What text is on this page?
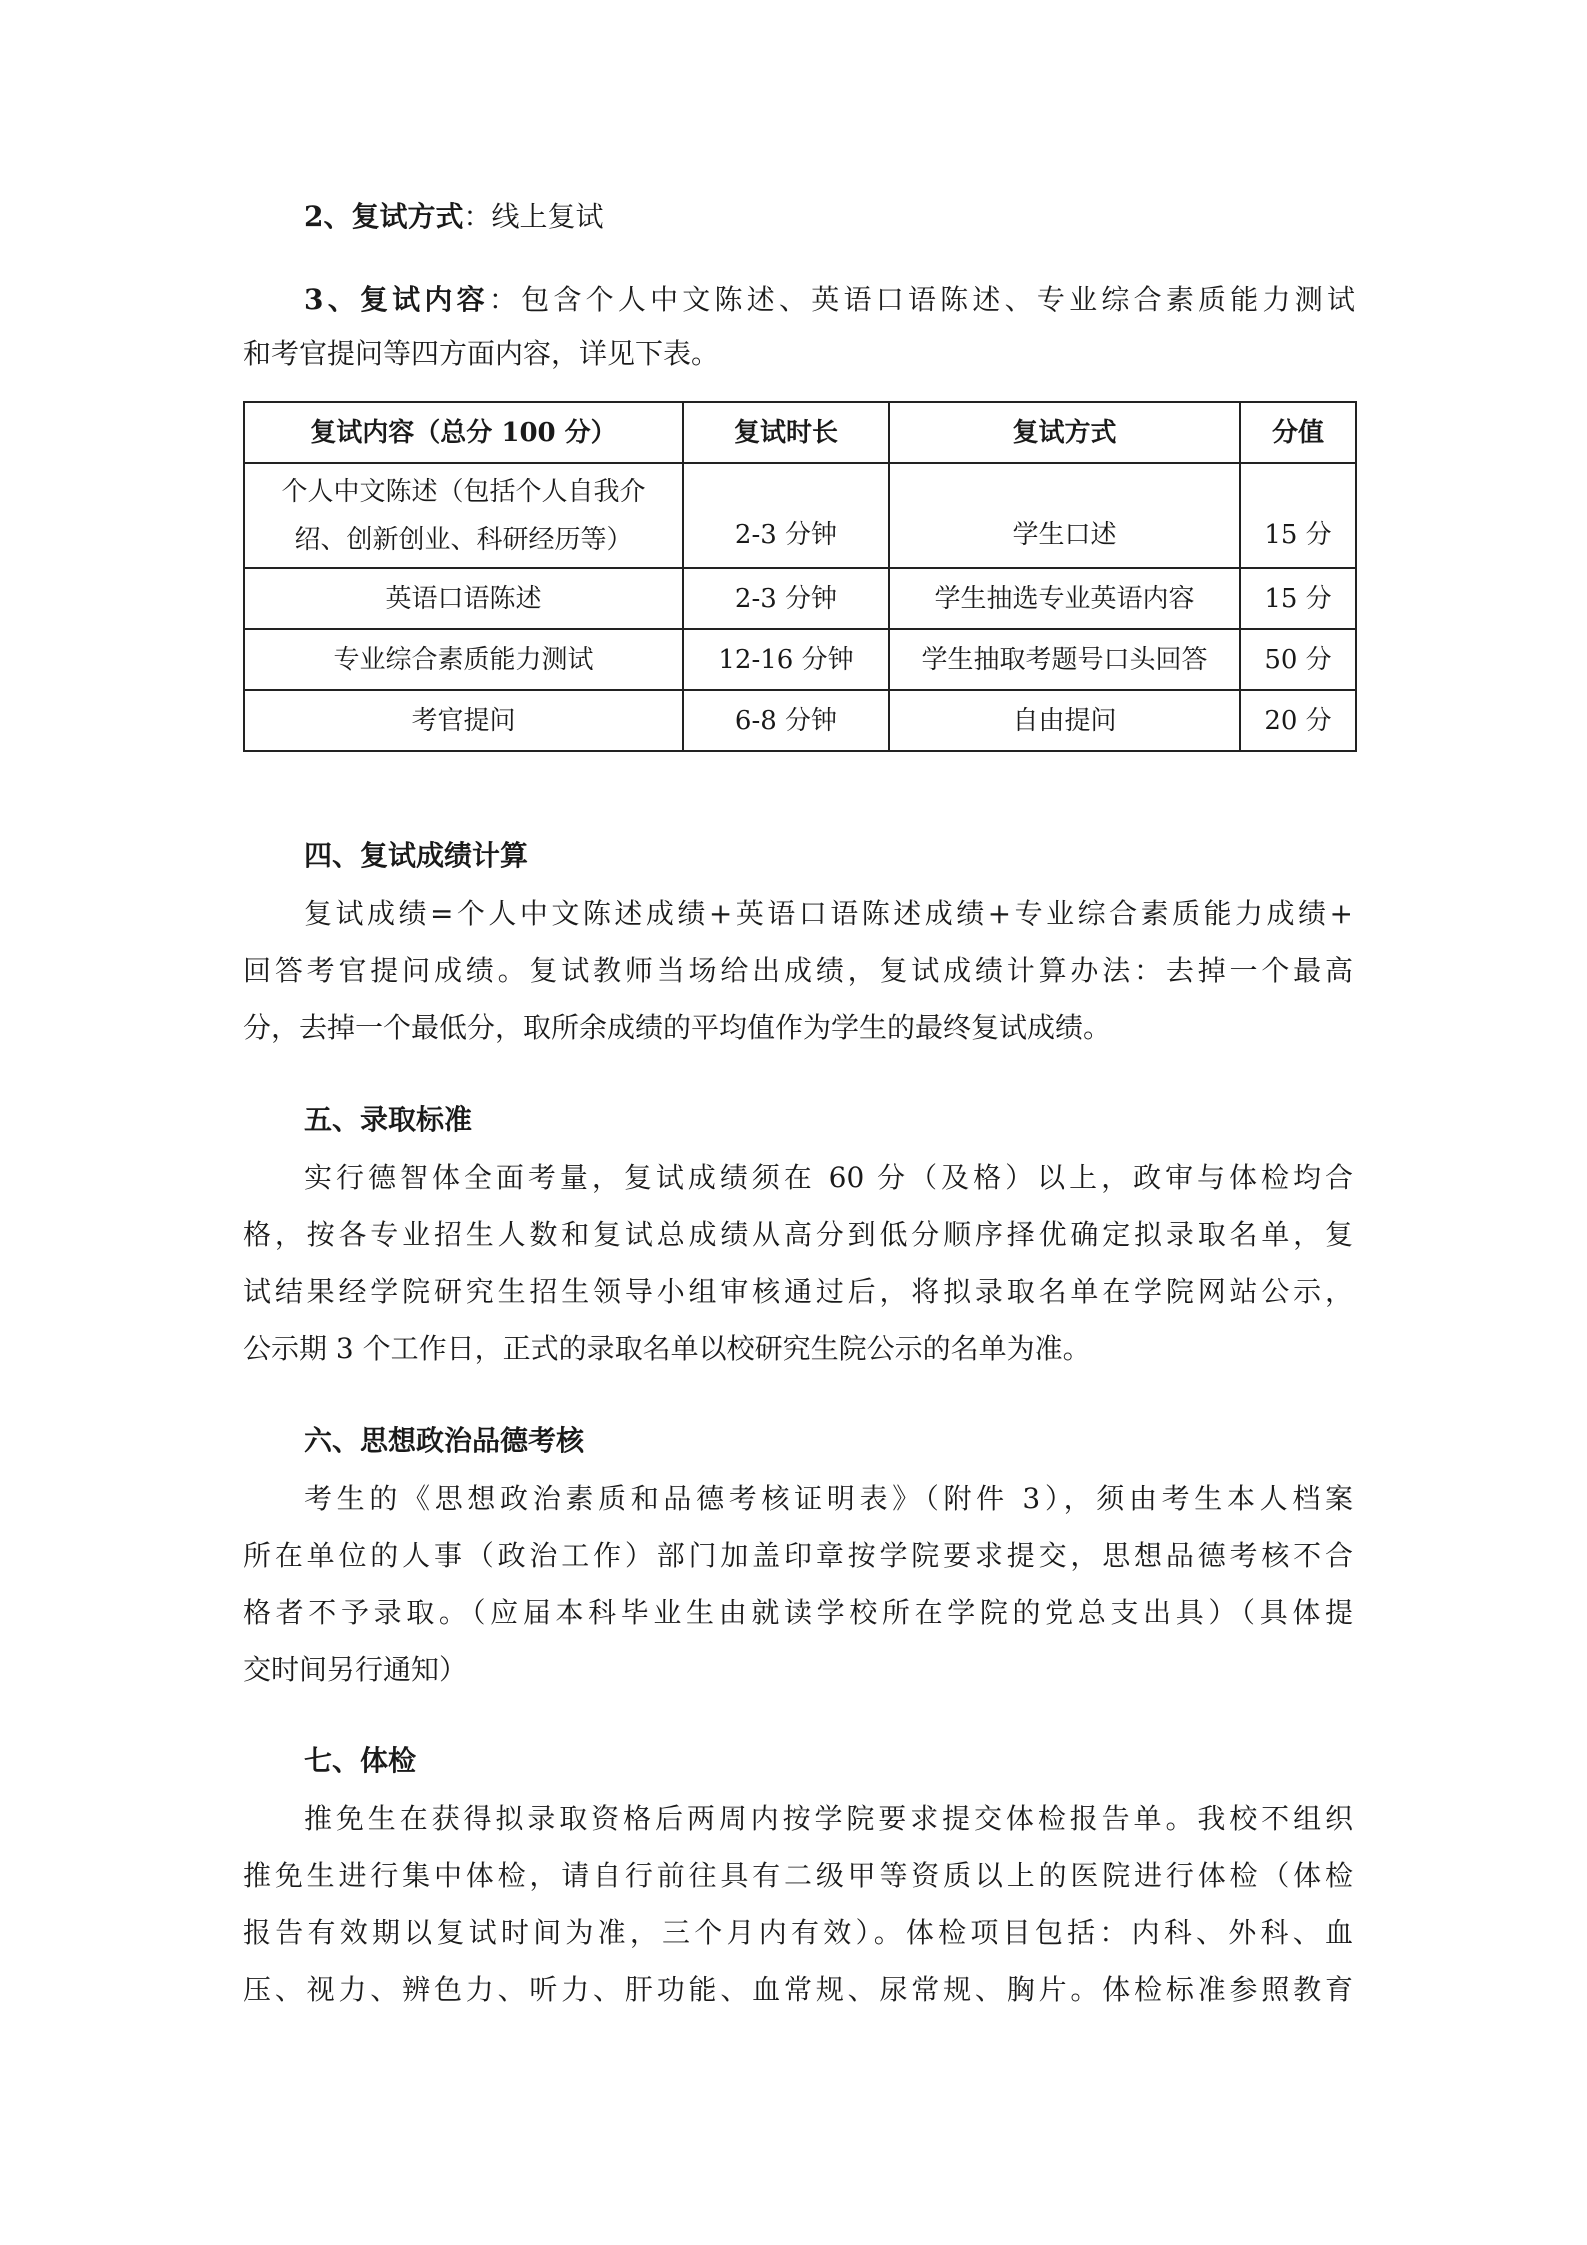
2、复试方式：线上复试
3、复试内容：包含个人中文陈述、英语口语陈述、专业综合素质能力测试
和考官提问等四方面内容，详见下表。
复试内容（总分 100 分）	复试时长	复试方式	分值

个人中文陈述（包括个人自我介
绍、创新创业、科研经历等）	2-3 分钟	学生口述	15 分
英语口语陈述	2-3 分钟	学生抽选专业英语内容	15 分
专业综合素质能力测试	12-16 分钟	学生抽取考题号口头回答	50 分
考官提问	6-8 分钟	自由提问	20 分
四、复试成绩计算
复试成绩=个人中文陈述成绩+英语口语陈述成绩+专业综合素质能力成绩+
回答考官提问成绩。复试教师当场给出成绩，复试成绩计算办法：去掉一个最高
分，去掉一个最低分，取所余成绩的平均值作为学生的最终复试成绩。
五、录取标准
实行德智体全面考量，复试成绩须在 60 分（及格）以上，政审与体检均合
格，按各专业招生人数和复试总成绩从高分到低分顺序择优确定拟录取名单，复
试结果经学院研究生招生领导小组审核通过后，将拟录取名单在学院网站公示，
公示期 3 个工作日，正式的录取名单以校研究生院公示的名单为准。
六、思想政治品德考核
考生的《思想政治素质和品德考核证明表》（附件 3），须由考生本人档案
所在单位的人事（政治工作）部门加盖印章按学院要求提交，思想品德考核不合
格者不予录取。（应届本科毕业生由就读学校所在学院的党总支出具）（具体提
交时间另行通知）
七、体检
推免生在获得拟录取资格后两周内按学院要求提交体检报告单。我校不组织
推免生进行集中体检，请自行前往具有二级甲等资质以上的医院进行体检（体检
报告有效期以复试时间为准，三个月内有效）。体检项目包括：内科、外科、血
压、视力、辨色力、听力、肝功能、血常规、尿常规、胸片。体检标准参照教育
